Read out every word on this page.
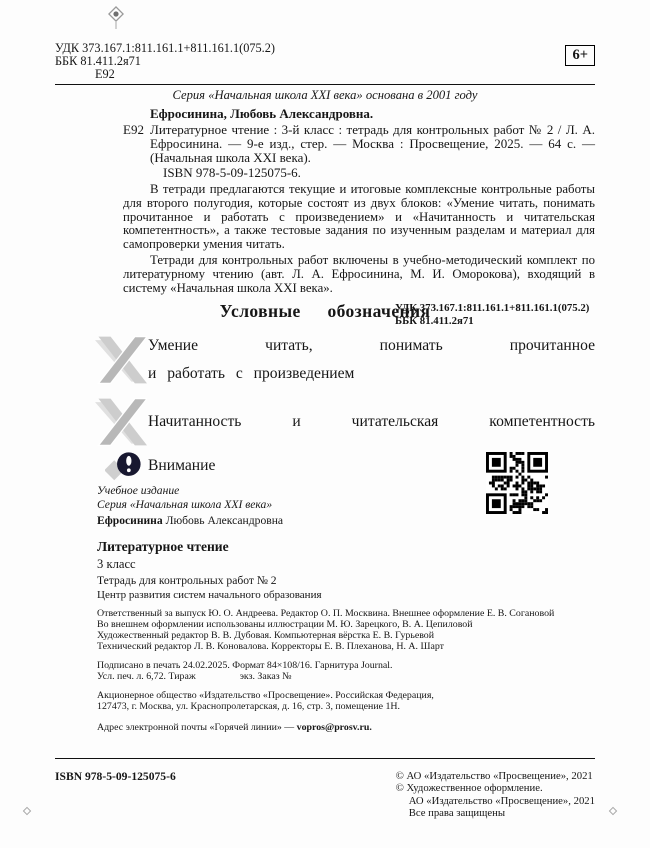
УДК 373.167.1:811.161.1+811.161.1(075.2)
ББК 81.411.2я71
Е92
6+
Серия «Начальная школа XXI века» основана в 2001 году
Ефросинина, Любовь Александровна.
Е92 Литературное чтение : 3-й класс : тетрадь для контрольных работ № 2 / Л. А. Ефросинина. — 9-е изд., стер. — Москва : Просвещение, 2025. — 64 с. — (Начальная школа XXI века).
ISBN 978-5-09-125075-6.

В тетради предлагаются текущие и итоговые комплексные контрольные работы для второго полугодия, которые состоят из двух блоков: «Умение читать, понимать прочитанное и работать с произведением» и «Начитанность и читательская компетентность», а также тестовые задания по изученным разделам и материал для самопроверки умения читать.

Тетради для контрольных работ включены в учебно-методический комплект по литературному чтению (авт. Л. А. Ефросинина, М. И. Оморокова), входящий в систему «Начальная школа XXI века».

УДК 373.167.1:811.161.1+811.161.1(075.2)
ББК 81.411.2я71
Условные обозначения
Умение читать, понимать прочитанное
и работать с произведением
Начитанность и читательская компетентность
Внимание
Учебное издание
Серия «Начальная школа XXI века»
Ефросинина Любовь Александровна
Литературное чтение
3 класс
Тетрадь для контрольных работ № 2
Центр развития систем начального образования
Ответственный за выпуск Ю. О. Андреева. Редактор О. П. Москвина. Внешнее оформление Е. В. Согановой
Во внешнем оформлении использованы иллюстрации М. Ю. Зарецкого, В. А. Цепиловой
Художественный редактор В. В. Дубовая. Компьютерная вёрстка Е. В. Гурьевой
Технический редактор Л. В. Коновалова. Корректоры Е. В. Плеханова, Н. А. Шарт
Подписано в печать 24.02.2025. Формат 84×108/16. Гарнитура Journal.
Усл. печ. л. 6,72. Тираж	экз. Заказ №
Акционерное общество «Издательство «Просвещение». Российская Федерация,
127473, г. Москва, ул. Краснопролетарская, д. 16, стр. 3, помещение 1Н.
Адрес электронной почты «Горячей линии» — vopros@prosv.ru.
ISBN 978-5-09-125075-6	© АО «Издательство «Просвещение», 2021
© Художественное оформление.
АО «Издательство «Просвещение», 2021
Все права защищены
